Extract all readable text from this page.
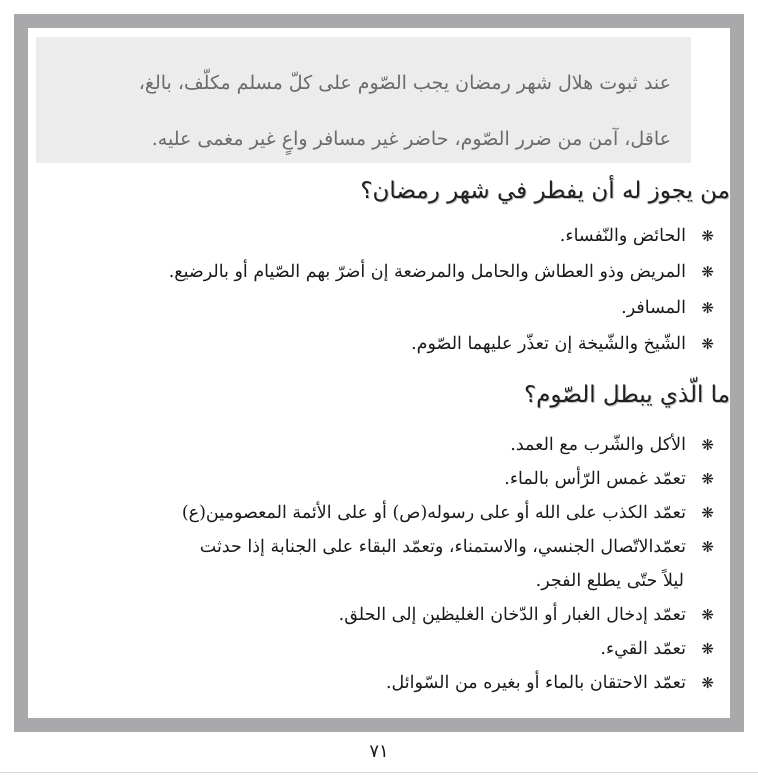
عند ثبوت هلال شهر رمضان يجب الصّوم على كلّ مسلم مكلّف، بالغ،
عاقل، آمن من ضرر الصّوم، حاضر غير مسافر واعٍ غير مغمى عليه.
من يجوز له أن يفطر في شهر رمضان؟
❋
الحائض والنّفساء.
❋
المريض وذو العطاش والحامل والمرضعة إن أضرّ بهم الصّيام أو بالرضيع.
❋
المسافر.
❋
الشّيخ والشّيخة إن تعذّر عليهما الصّوم.
ما الّذي يبطل الصّوم؟
❋
الأكل والشّرب مع العمد.
❋
تعمّد غمس الرّأس بالماء.
❋
تعمّد الكذب على الله أو على رسوله(ص) أو على الأئمة المعصومين(ع)
❋
تعمّدالاتّصال الجنسي، والاستمناء، وتعمّد البقاء على الجنابة إذا حدثت
ليلاً حتّى يطلع الفجر.
❋
تعمّد إدخال الغبار أو الدّخان الغليظين إلى الحلق.
❋
تعمّد القيء.
❋
تعمّد الاحتقان بالماء أو بغيره من السّوائل.
٧١
